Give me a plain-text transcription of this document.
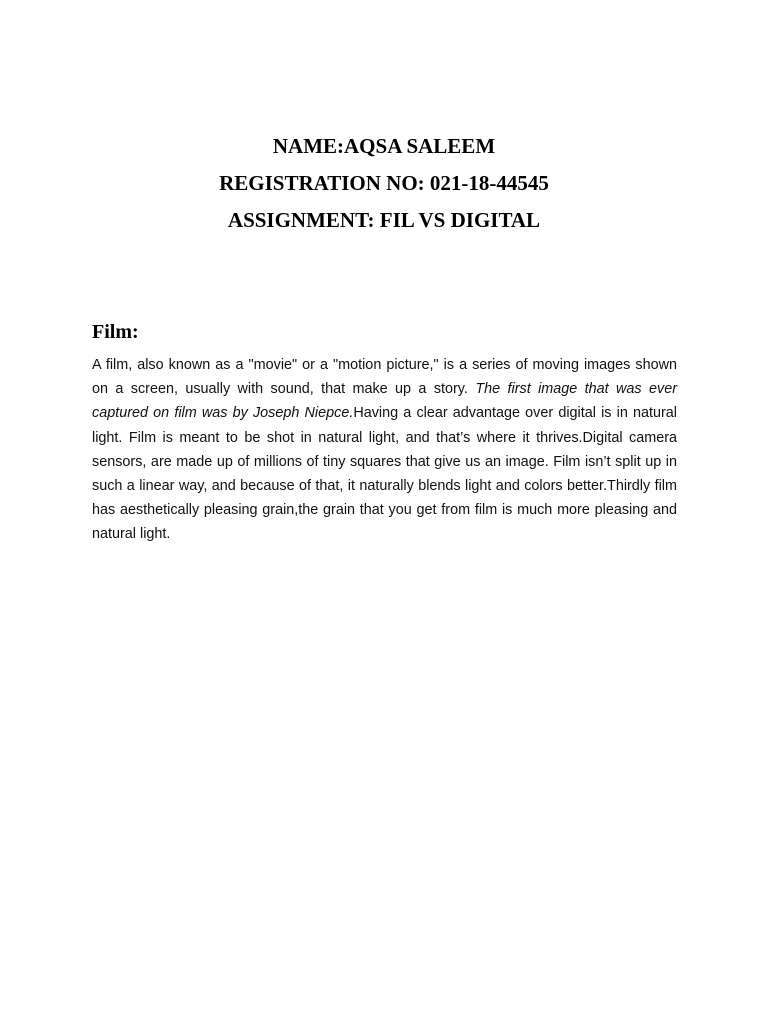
NAME:AQSA SALEEM
REGISTRATION NO: 021-18-44545
ASSIGNMENT: FIL VS DIGITAL
Film:

A film, also known as a "movie" or a "motion picture," is a series of moving images shown on a screen, usually with sound, that make up a story. The first image that was ever captured on film was by Joseph Niepce.Having a clear advantage over digital is in natural light. Film is meant to be shot in natural light, and that’s where it thrives.Digital camera sensors, are made up of millions of tiny squares that give us an image. Film isn’t split up in such a linear way, and because of that, it naturally blends light and colors better.Thirdly film has aesthetically pleasing grain,the grain that you get from film is much more pleasing and natural light.
